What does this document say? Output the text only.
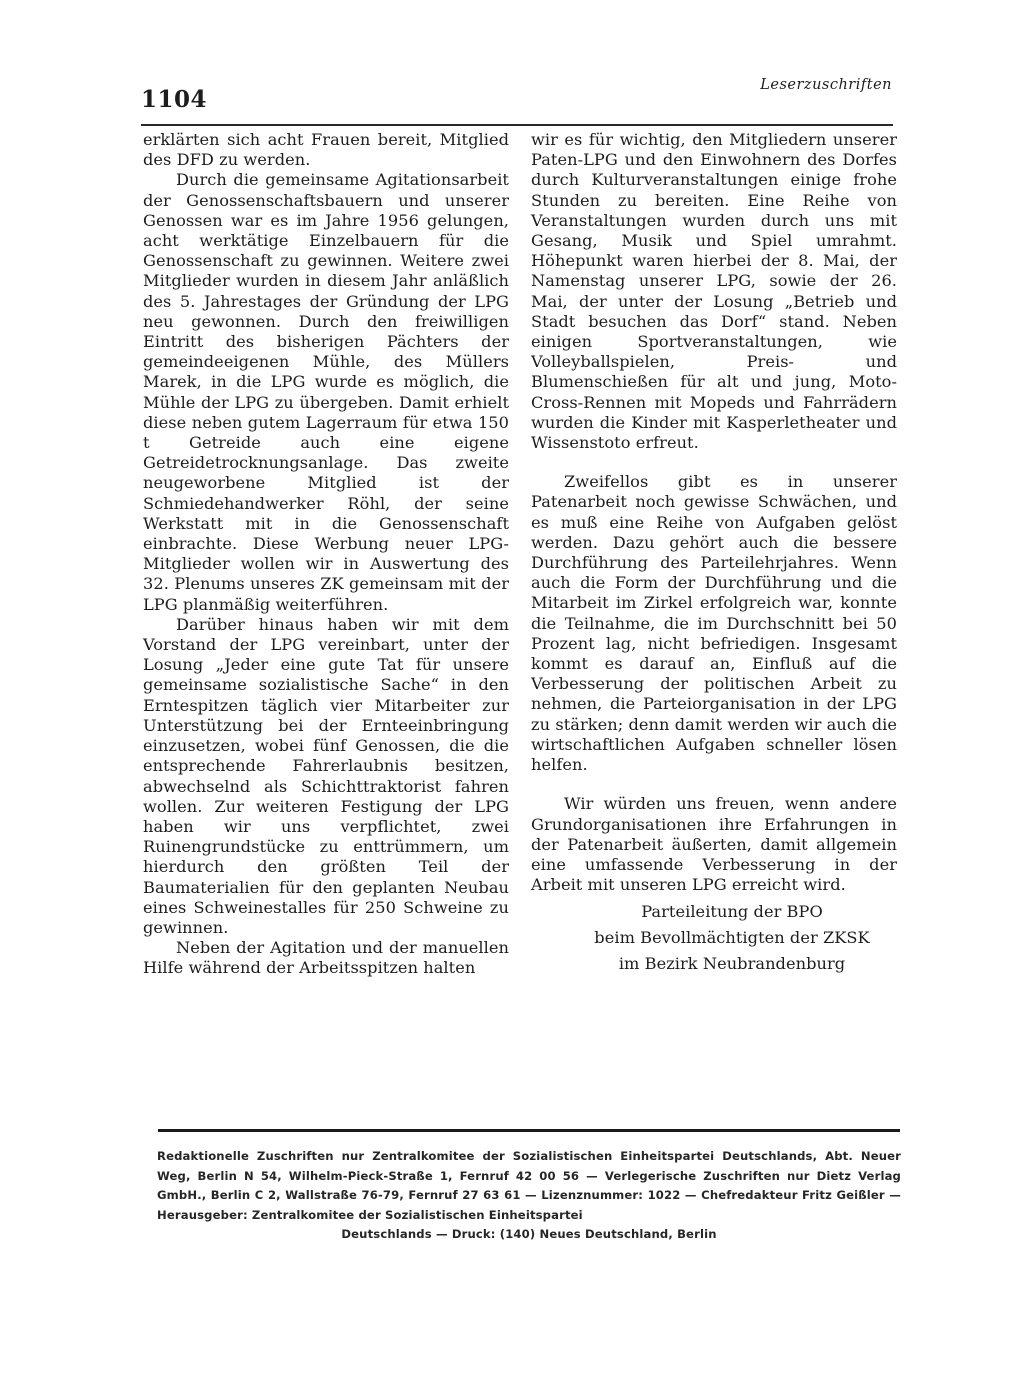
1104
Leserzuschriften

erklärten sich acht Frauen bereit, Mitglied des DFD zu werden.

Durch die gemeinsame Agitationsarbeit der Genossenschaftsbauern und unserer Genossen war es im Jahre 1956 gelungen, acht werktätige Einzelbauern für die Genossenschaft zu gewinnen. Weitere zwei Mitglieder wurden in diesem Jahr anläßlich des 5. Jahrestages der Gründung der LPG neu gewonnen. Durch den freiwilligen Eintritt des bisherigen Pächters der gemeindeeigenen Mühle, des Müllers Marek, in die LPG wurde es möglich, die Mühle der LPG zu übergeben. Damit erhielt diese neben gutem Lagerraum für etwa 150 t Getreide auch eine eigene Getreidetrocknungsanlage. Das zweite neugeworbene Mitglied ist der Schmiedehandwerker Röhl, der seine Werkstatt mit in die Genossenschaft einbrachte. Diese Werbung neuer LPG-Mitglieder wollen wir in Auswertung des 32. Plenums unseres ZK gemeinsam mit der LPG planmäßig weiterführen.

Darüber hinaus haben wir mit dem Vorstand der LPG vereinbart, unter der Losung „Jeder eine gute Tat für unsere gemeinsame sozialistische Sache“ in den Erntespitzen täglich vier Mitarbeiter zur Unterstützung bei der Ernteeinbringung einzusetzen, wobei fünf Genossen, die die entsprechende Fahrerlaubnis besitzen, abwechselnd als Schichttraktorist fahren wollen. Zur weiteren Festigung der LPG haben wir uns verpflichtet, zwei Ruinengrundstücke zu enttrümmern, um hierdurch den größten Teil der Baumaterialien für den geplanten Neubau eines Schweinestalles für 250 Schweine zu gewinnen.

Neben der Agitation und der manuellen Hilfe während der Arbeitsspitzen halten

wir es für wichtig, den Mitgliedern unserer Paten-LPG und den Einwohnern des Dorfes durch Kulturveranstaltungen einige frohe Stunden zu bereiten. Eine Reihe von Veranstaltungen wurden durch uns mit Gesang, Musik und Spiel umrahmt. Höhepunkt waren hierbei der 8. Mai, der Namenstag unserer LPG, sowie der 26. Mai, der unter der Losung „Betrieb und Stadt besuchen das Dorf“ stand. Neben einigen Sportveranstaltungen, wie Volleyballspielen, Preis- und Blumenschießen für alt und jung, Moto-Cross-Rennen mit Mopeds und Fahrrädern wurden die Kinder mit Kasperletheater und Wissenstoto erfreut.

Zweifellos gibt es in unserer Patenarbeit noch gewisse Schwächen, und es muß eine Reihe von Aufgaben gelöst werden. Dazu gehört auch die bessere Durchführung des Parteilehrjahres. Wenn auch die Form der Durchführung und die Mitarbeit im Zirkel erfolgreich war, konnte die Teilnahme, die im Durchschnitt bei 50 Prozent lag, nicht befriedigen. Insgesamt kommt es darauf an, Einfluß auf die Verbesserung der politischen Arbeit zu nehmen, die Parteiorganisation in der LPG zu stärken; denn damit werden wir auch die wirtschaftlichen Aufgaben schneller lösen helfen.

Wir würden uns freuen, wenn andere Grundorganisationen ihre Erfahrungen in der Patenarbeit äußerten, damit allgemein eine umfassende Verbesserung in der Arbeit mit unseren LPG erreicht wird.

Parteileitung der BPO
beim Bevollmächtigten der ZKSK
im Bezirk Neubrandenburg
Redaktionelle Zuschriften nur Zentralkomitee der Sozialistischen Einheitspartei Deutschlands, Abt. Neuer Weg, Berlin N 54, Wilhelm-Pieck-Straße 1, Fernruf 42 00 56 — Verlegerische Zuschriften nur Dietz Verlag GmbH., Berlin C 2, Wallstraße 76-79, Fernruf 27 63 61 — Lizenznummer: 1022 — Chefredakteur Fritz Geißler — Herausgeber: Zentralkomitee der Sozialistischen Einheitspartei
Deutschlands — Druck: (140) Neues Deutschland, Berlin
